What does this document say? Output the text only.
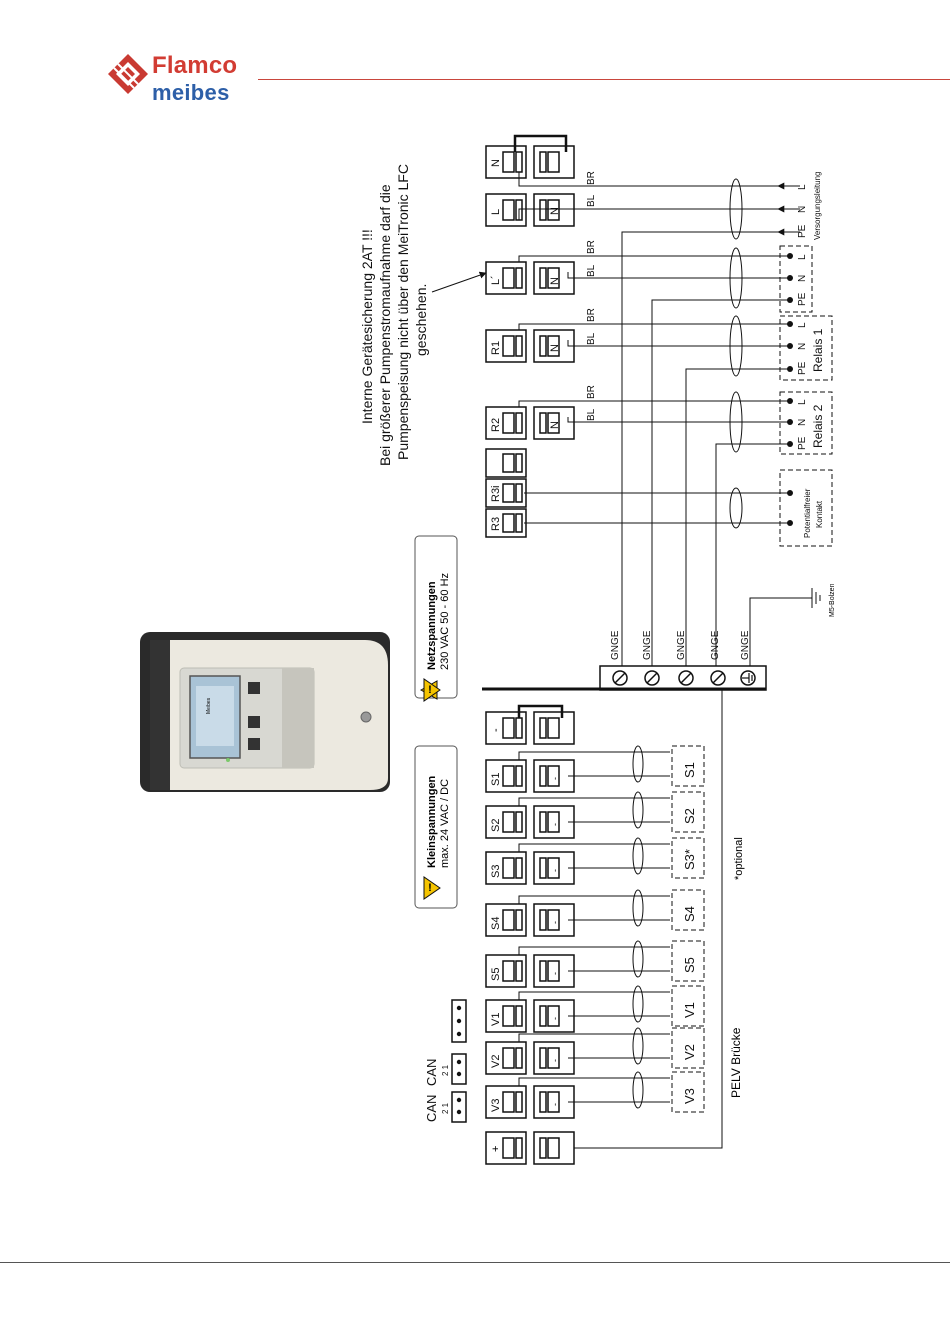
Flamco
meibes
Meibes
Interne Gerätesicherung 2AT !!! Bei größerer Pumpenstromaufnahme darf die Pumpenspeisung nicht über den MeiTronic LFC geschehen.
!
Netzspannungen 230 VAC 50 - 60 Hz
!
Kleinspannungen max. 24 VAC / DC
N
L
L´
R1
R2
R3i
R3
N
N
N
N
BR
BL
BR
BL
BR
BL
BR
BL
L
N
PE Versorgungsleitung
L
N
PE
L
N
PE Relais 1
L
N
PE Relais 2
Potentialfreier Kontakt
M5-Bolzen
GNGE GNGE GNGE GNGE GNGE
S1	-
S1
S2	-
S2
S3	-
S3*
S4	-
S4
S5	-
S5
V1	-
V1
V2	-
V2
V3	-
V3
-
+
PELV Brücke
*optional
CAN
CAN
2 1
2 1
